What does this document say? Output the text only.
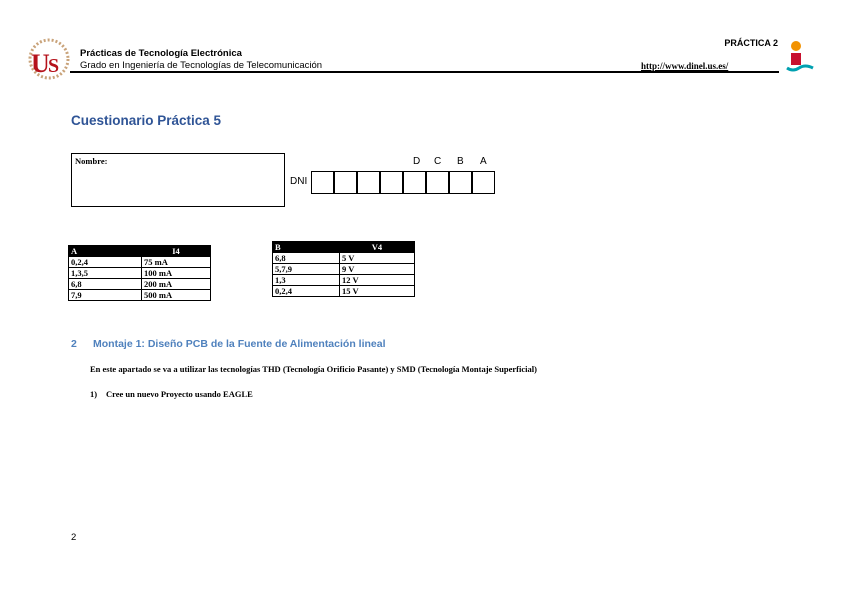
U
S
Prácticas de Tecnología Electrónica
Grado en Ingeniería de Tecnologías de Telecomunicación
PRÁCTICA 2
http://www.dinel.us.es/
Cuestionario Práctica 5
Nombre:
DNI
D C B A
A	I4
0,2,4	75 mA
1,3,5	100 mA
6,8	200 mA
7,9	500 mA
B	V4
6,8	5 V
5,7,9	9 V
1,3	12 V
0,2,4	15 V
2 Montaje 1: Diseño PCB de la Fuente de Alimentación lineal
En este apartado se va a utilizar las tecnologías THD (Tecnología Orificio Pasante) y SMD (Tecnología Montaje Superficial)
1) Cree un nuevo Proyecto usando EAGLE
2
